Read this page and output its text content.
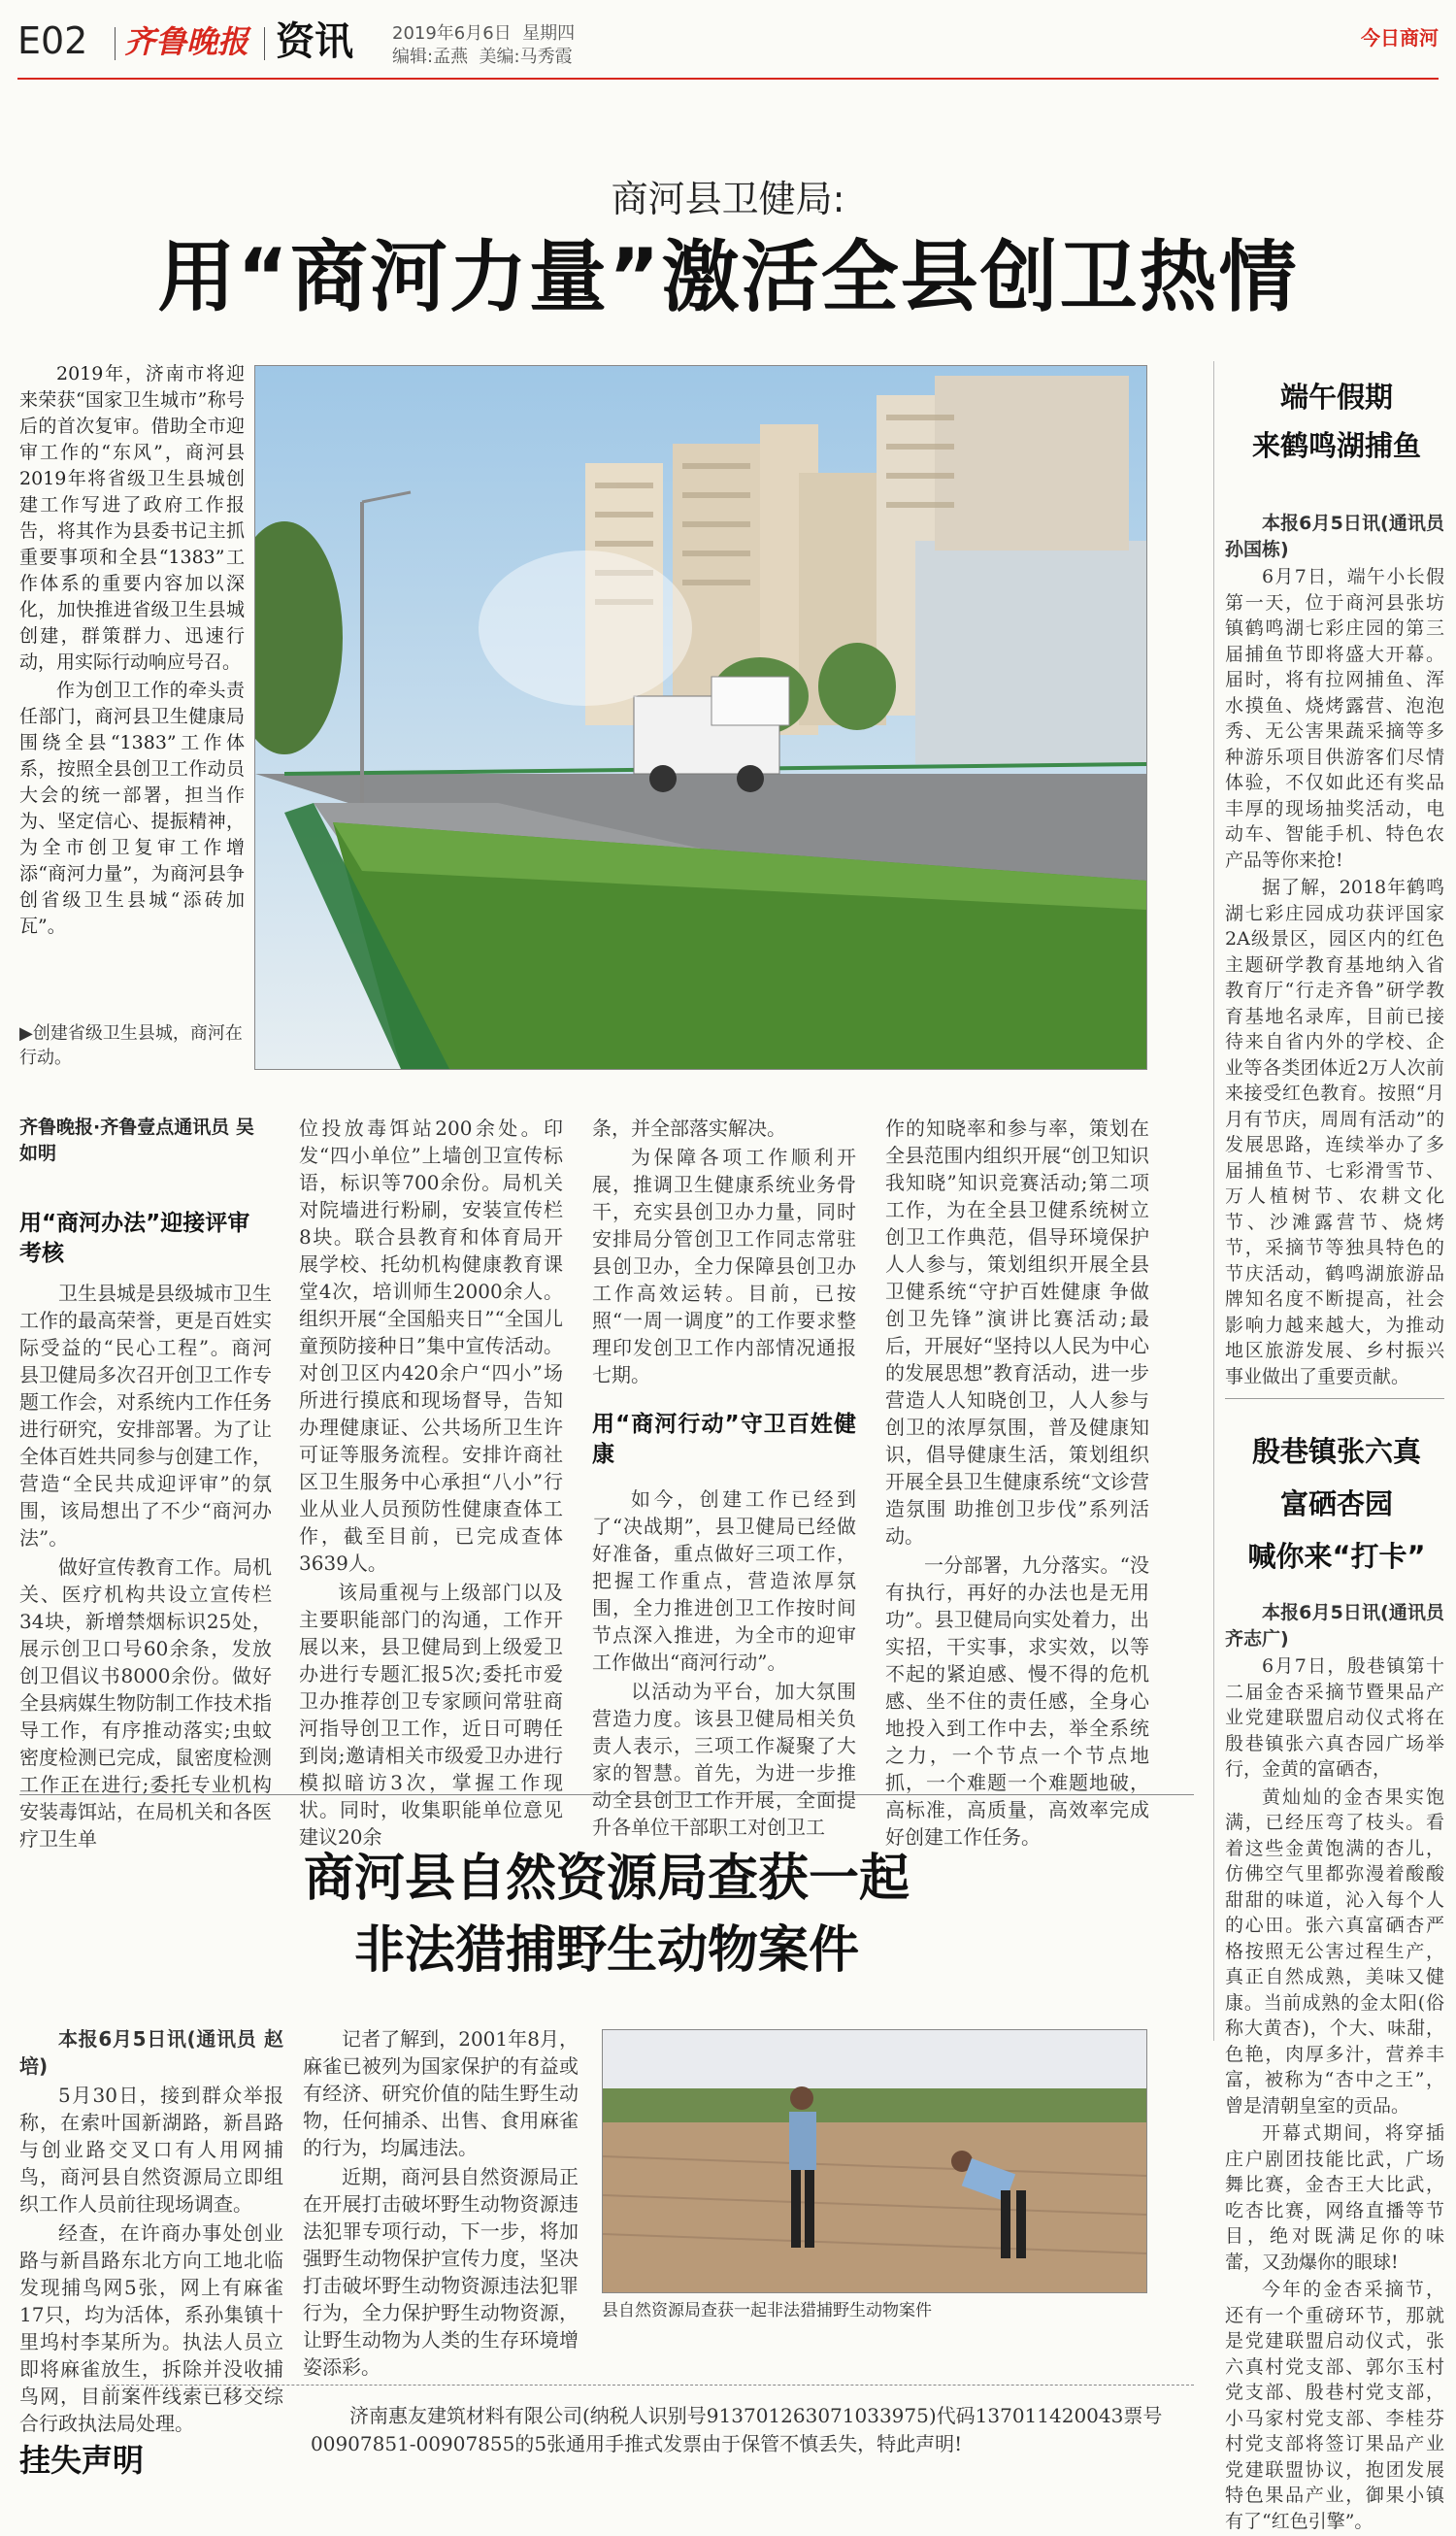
E02 齐鲁晚报 资讯 2019年6月6日 星期四
编辑:孟燕 美编:马秀霞
今日商河
商河县卫健局:
用“商河力量”激活全县创卫热情

2019年，济南市将迎来荣获“国家卫生城市”称号后的首次复审。借助全市迎审工作的“东风”，商河县2019年将省级卫生县城创建工作写进了政府工作报告，将其作为县委书记主抓重要事项和全县“1383”工作体系的重要内容加以深化，加快推进省级卫生县城创建，群策群力、迅速行动，用实际行动响应号召。

作为创卫工作的牵头责任部门，商河县卫生健康局围绕全县“1383”工作体系，按照全县创卫工作动员大会的统一部署，担当作为、坚定信心、提振精神，为全市创卫复审工作增添“商河力量”，为商河县争创省级卫生县城“添砖加瓦”。

▶创建省级卫生县城，商河在行动。
齐鲁晚报·齐鲁壹点通讯员 吴如明
用“商河办法”迎接评审考核

卫生县城是县级城市卫生工作的最高荣誉，更是百姓实际受益的“民心工程”。商河县卫健局多次召开创卫工作专题工作会，对系统内工作任务进行研究，安排部署。为了让全体百姓共同参与创建工作，营造“全民共成迎评审”的氛围，该局想出了不少“商河办法”。

做好宣传教育工作。局机关、医疗机构共设立宣传栏34块，新增禁烟标识25处，展示创卫口号60余条，发放创卫倡议书8000余份。做好全县病媒生物防制工作技术指导工作，有序推动落实;虫蚊密度检测已完成，鼠密度检测工作正在进行;委托专业机构安装毒饵站，在局机关和各医疗卫生单

位投放毒饵站200余处。印发“四小单位”上墙创卫宣传标语，标识等700余份。局机关对院墙进行粉刷，安装宣传栏8块。联合县教育和体育局开展学校、托幼机构健康教育课堂4次，培训师生2000余人。组织开展“全国船夹日”“全国儿童预防接种日”集中宣传活动。对创卫区内420余户“四小”场所进行摸底和现场督导，告知办理健康证、公共场所卫生许可证等服务流程。安排许商社区卫生服务中心承担“八小”行业从业人员预防性健康查体工作，截至目前，已完成查体3639人。

该局重视与上级部门以及主要职能部门的沟通，工作开展以来，县卫健局到上级爱卫办进行专题汇报5次;委托市爱卫办推荐创卫专家顾问常驻商河指导创卫工作，近日可聘任到岗;邀请相关市级爱卫办进行模拟暗访3次，掌握工作现状。同时，收集职能单位意见建议20余

条，并全部落实解决。

为保障各项工作顺利开展，推调卫生健康系统业务骨干，充实县创卫办力量，同时安排局分管创卫工作同志常驻县创卫办，全力保障县创卫办工作高效运转。目前，已按照“一周一调度”的工作要求整理印发创卫工作内部情况通报七期。

用“商河行动”守卫百姓健康

如今，创建工作已经到了“决战期”，县卫健局已经做好准备，重点做好三项工作，把握工作重点，营造浓厚氛围，全力推进创卫工作按时间节点深入推进，为全市的迎审工作做出“商河行动”。

以活动为平台，加大氛围营造力度。该县卫健局相关负责人表示，三项工作凝聚了大家的智慧。首先，为进一步推动全县创卫工作开展，全面提升各单位干部职工对创卫工

作的知晓率和参与率，策划在全县范围内组织开展“创卫知识我知晓”知识竞赛活动;第二项工作，为在全县卫健系统树立创卫工作典范，倡导环境保护人人参与，策划组织开展全县卫健系统“守护百姓健康 争做创卫先锋”演讲比赛活动;最后，开展好“坚持以人民为中心的发展思想”教育活动，进一步营造人人知晓创卫，人人参与创卫的浓厚氛围，普及健康知识，倡导健康生活，策划组织开展全县卫生健康系统“文诊营造氛围 助推创卫步伐”系列活动。

一分部署，九分落实。“没有执行，再好的办法也是无用功”。县卫健局向实处着力，出实招，干实事，求实效，以等不起的紧迫感、慢不得的危机感、坐不住的责任感，全身心地投入到工作中去，举全系统之力，一个节点一个节点地抓，一个难题一个难题地破，高标准，高质量，高效率完成好创建工作任务。

端午假期
来鹤鸣湖捕鱼

本报6月5日讯(通讯员 孙国栋)

6月7日，端午小长假第一天，位于商河县张坊镇鹤鸣湖七彩庄园的第三届捕鱼节即将盛大开幕。届时，将有拉网捕鱼、浑水摸鱼、烧烤露营、泡泡秀、无公害果蔬采摘等多种游乐项目供游客们尽情体验，不仅如此还有奖品丰厚的现场抽奖活动，电动车、智能手机、特色农产品等你来抢!

据了解，2018年鹤鸣湖七彩庄园成功获评国家2A级景区，园区内的红色主题研学教育基地纳入省教育厅“行走齐鲁”研学教育基地名录库，目前已接待来自省内外的学校、企业等各类团体近2万人次前来接受红色教育。按照“月月有节庆，周周有活动”的发展思路，连续举办了多届捕鱼节、七彩滑雪节、万人植树节、农耕文化节、沙滩露营节、烧烤节，采摘节等独具特色的节庆活动，鹤鸣湖旅游品牌知名度不断提高，社会影响力越来越大，为推动地区旅游发展、乡村振兴事业做出了重要贡献。

殷巷镇张六真
富硒杏园
喊你来“打卡”

本报6月5日讯(通讯员 齐志广)

6月7日，殷巷镇第十二届金杏采摘节暨果品产业党建联盟启动仪式将在殷巷镇张六真杏园广场举行，金黄的富硒杏，

黄灿灿的金杏果实饱满，已经压弯了枝头。看着这些金黄饱满的杏儿，仿佛空气里都弥漫着酸酸甜甜的味道，沁入每个人的心田。张六真富硒杏严格按照无公害过程生产，真正自然成熟，美味又健康。当前成熟的金太阳(俗称大黄杏)，个大、味甜，色艳，肉厚多汁，营养丰富，被称为“杏中之王”，曾是清朝皇室的贡品。

开幕式期间，将穿插庄户剧团技能比武，广场舞比赛，金杏王大比武，吃杏比赛，网络直播等节目，绝对既满足你的味蕾，又劲爆你的眼球!

今年的金杏采摘节，还有一个重磅环节，那就是党建联盟启动仪式，张六真村党支部、郭尔玉村党支部、殷巷村党支部，小马家村党支部、李桂芬村党支部将签订果品产业党建联盟协议，抱团发展特色果品产业，御果小镇有了“红色引擎”。

商河县自然资源局查获一起
非法猎捕野生动物案件

本报6月5日讯(通讯员 赵培)

5月30日，接到群众举报称，在索叶国新湖路，新昌路与创业路交叉口有人用网捕鸟，商河县自然资源局立即组织工作人员前往现场调查。

经查，在许商办事处创业路与新昌路东北方向工地北临发现捕鸟网5张，网上有麻雀17只，均为活体，系孙集镇十里坞村李某所为。执法人员立即将麻雀放生，拆除并没收捕鸟网，目前案件线索已移交综合行政执法局处理。

记者了解到，2001年8月，麻雀已被列为国家保护的有益或有经济、研究价值的陆生野生动物，任何捕杀、出售、食用麻雀的行为，均属违法。

近期，商河县自然资源局正在开展打击破坏野生动物资源违法犯罪专项行动，下一步，将加强野生动物保护宣传力度，坚决打击破坏野生动物资源违法犯罪行为，全力保护野生动物资源，让野生动物为人类的生存环境增姿添彩。

县自然资源局查获一起非法猎捕野生动物案件
挂失声明
济南惠友建筑材料有限公司(纳税人识别号91370126307103397​5)代码1370114200​43票号00907851-00907855的5张通用手推式发票由于保管不慎丢失，特此声明!
